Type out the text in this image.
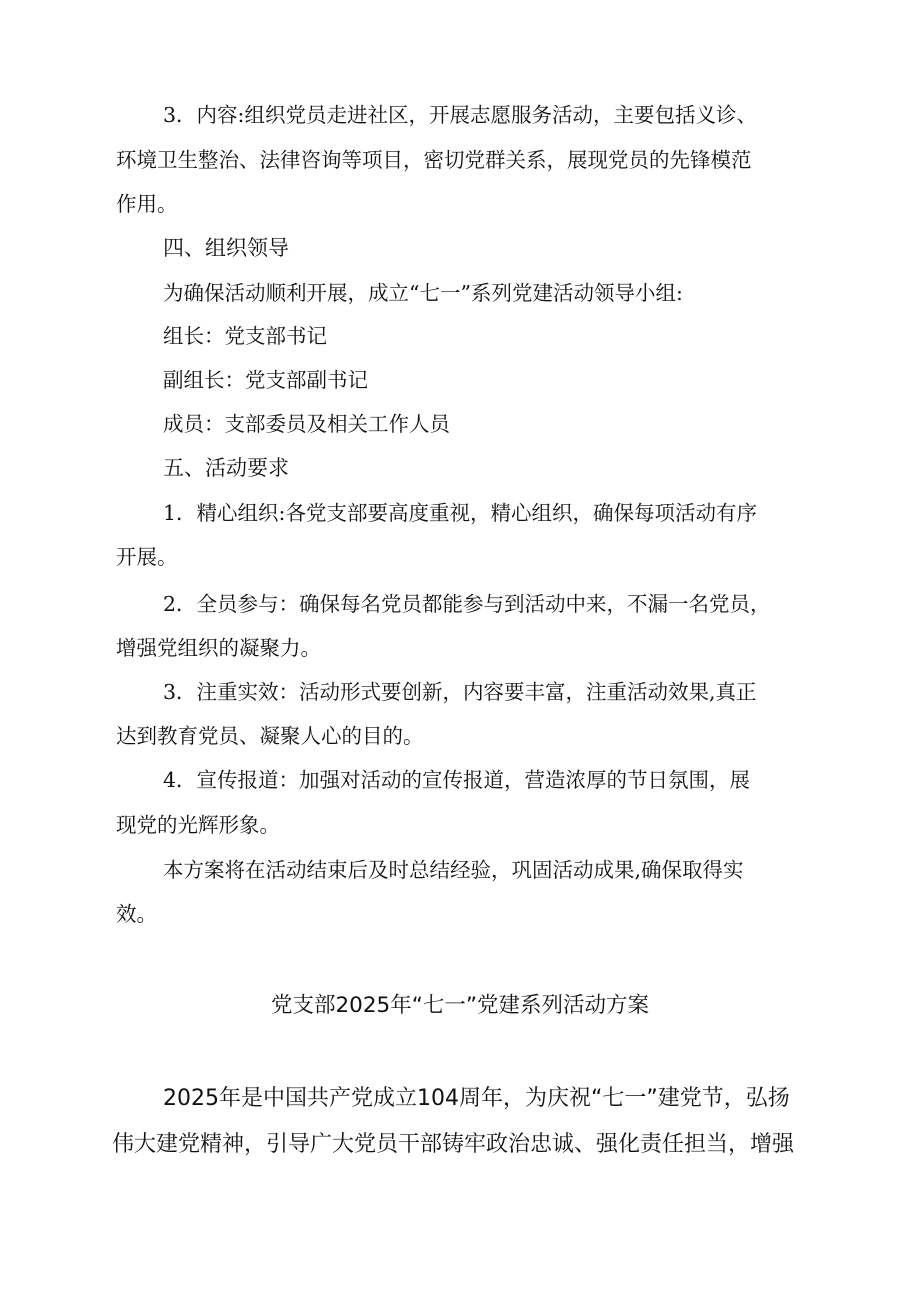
3．内容:组织党员走进社区，开展志愿服务活动，主要包括义诊、
环境卫生整治、法律咨询等项目，密切党群关系，展现党员的先锋模范
作用。
四、组织领导
为确保活动顺利开展，成立“七一”系列党建活动领导小组:
组长：党支部书记
副组长：党支部副书记
成员：支部委员及相关工作人员
五、活动要求
1．精心组织:各党支部要高度重视，精心组织，确保每项活动有序
开展。
2．全员参与：确保每名党员都能参与到活动中来，不漏一名党员，
增强党组织的凝聚力。
3．注重实效：活动形式要创新，内容要丰富，注重活动效果,真正
达到教育党员、凝聚人心的目的。
4．宣传报道：加强对活动的宣传报道，营造浓厚的节日氛围，展
现党的光辉形象。
本方案将在活动结束后及时总结经验，巩固活动成果,确保取得实
效。
党支部2025年“七一”党建系列活动方案
2025年是中国共产党成立104周年，为庆祝“七一”建党节，弘扬
伟大建党精神，引导广大党员干部铸牢政治忠诚、强化责任担当，增强
